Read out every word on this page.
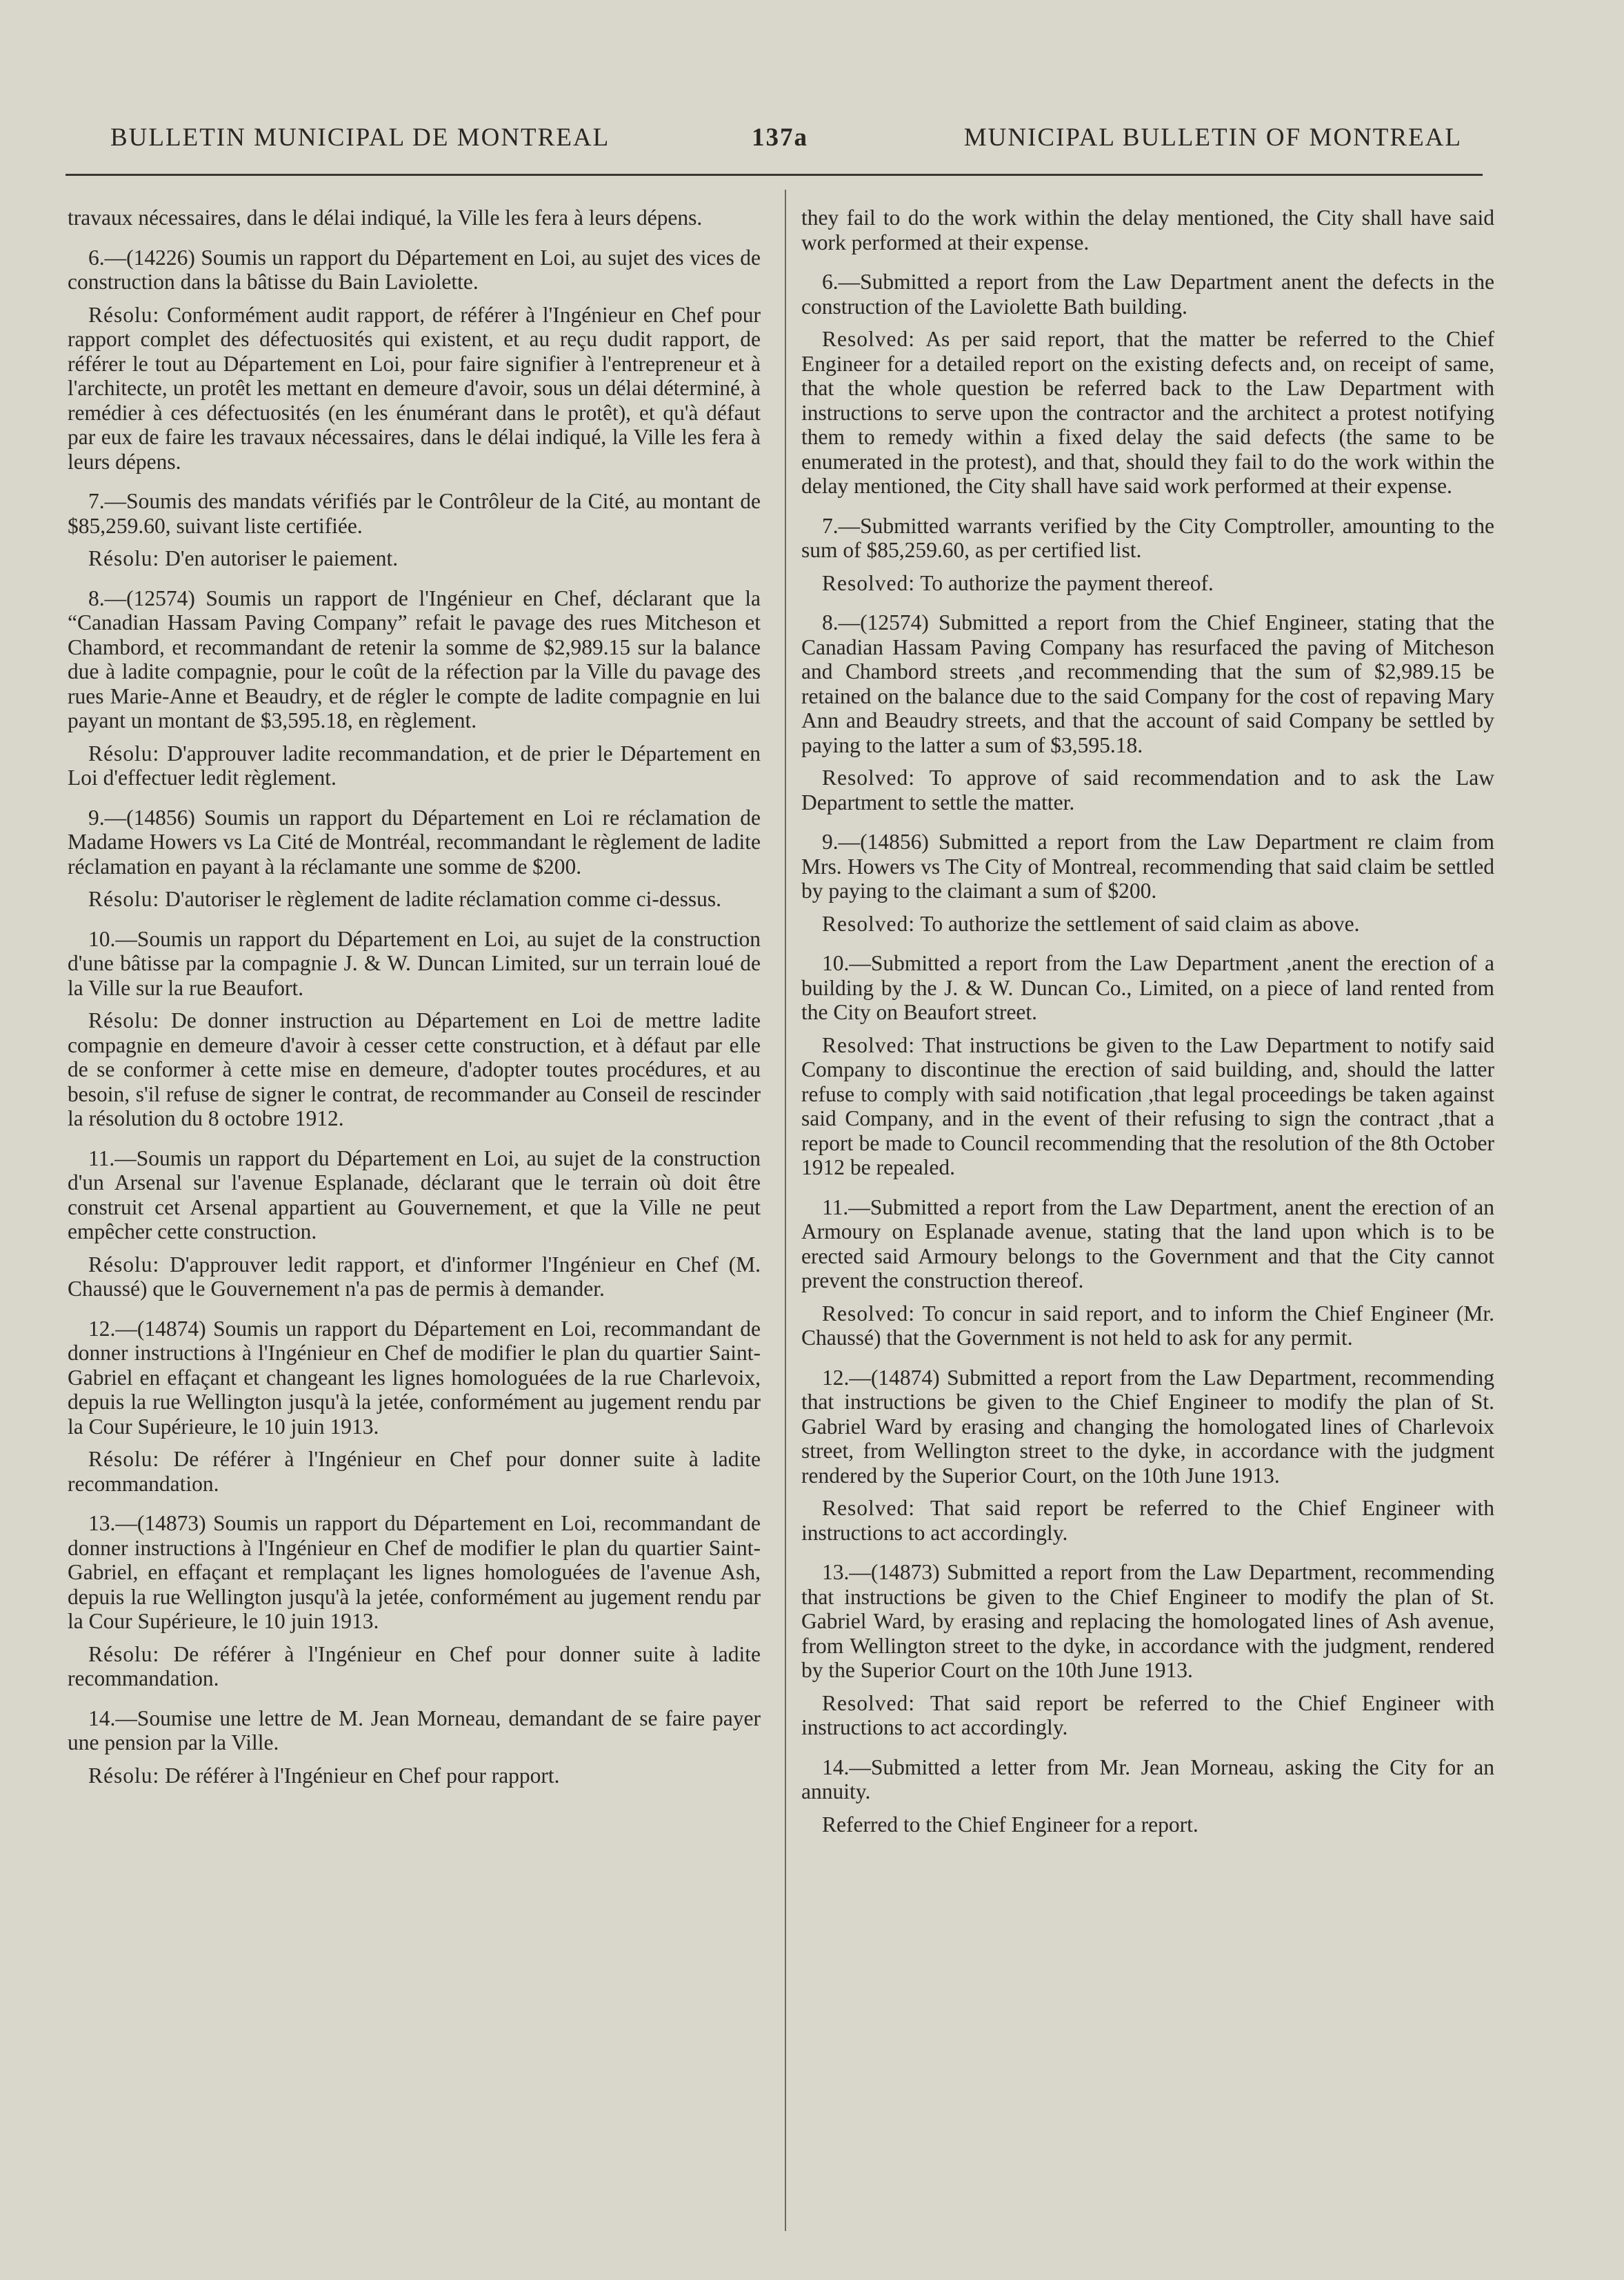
BULLETIN MUNICIPAL DE MONTREAL	137a	MUNICIPAL BULLETIN OF MONTREAL

travaux nécessaires, dans le délai indiqué, la Ville les fera à leurs dépens.

6.—(14226) Soumis un rapport du Département en Loi, au sujet des vices de construction dans la bâtisse du Bain Laviolette.

Résolu: Conformément audit rapport, de référer à l'Ingénieur en Chef pour rapport complet des défectuosités qui existent, et au reçu dudit rapport, de référer le tout au Département en Loi, pour faire signifier à l'entrepreneur et à l'architecte, un protêt les mettant en demeure d'avoir, sous un délai déterminé, à remédier à ces défectuosités (en les énumérant dans le protêt), et qu'à défaut par eux de faire les travaux nécessaires, dans le délai indiqué, la Ville les fera à leurs dépens.

7.—Soumis des mandats vérifiés par le Contrôleur de la Cité, au montant de $85,259.60, suivant liste certifiée.

Résolu: D'en autoriser le paiement.

8.—(12574) Soumis un rapport de l'Ingénieur en Chef, déclarant que la “Canadian Hassam Paving Company” refait le pavage des rues Mitcheson et Chambord, et recommandant de retenir la somme de $2,989.15 sur la balance due à ladite compagnie, pour le coût de la réfection par la Ville du pavage des rues Marie-Anne et Beaudry, et de régler le compte de ladite compagnie en lui payant un montant de $3,595.18, en règlement.

Résolu: D'approuver ladite recommandation, et de prier le Département en Loi d'effectuer ledit règlement.

9.—(14856) Soumis un rapport du Département en Loi re réclamation de Madame Howers vs La Cité de Montréal, recommandant le règlement de ladite réclamation en payant à la réclamante une somme de $200.

Résolu: D'autoriser le règlement de ladite réclamation comme ci-dessus.

10.—Soumis un rapport du Département en Loi, au sujet de la construction d'une bâtisse par la compagnie J. & W. Duncan Limited, sur un terrain loué de la Ville sur la rue Beaufort.

Résolu: De donner instruction au Département en Loi de mettre ladite compagnie en demeure d'avoir à cesser cette construction, et à défaut par elle de se conformer à cette mise en demeure, d'adopter toutes procédures, et au besoin, s'il refuse de signer le contrat, de recommander au Conseil de rescinder la résolution du 8 octobre 1912.

11.—Soumis un rapport du Département en Loi, au sujet de la construction d'un Arsenal sur l'avenue Esplanade, déclarant que le terrain où doit être construit cet Arsenal appartient au Gouvernement, et que la Ville ne peut empêcher cette construction.

Résolu: D'approuver ledit rapport, et d'informer l'Ingénieur en Chef (M. Chaussé) que le Gouvernement n'a pas de permis à demander.

12.—(14874) Soumis un rapport du Département en Loi, recommandant de donner instructions à l'Ingénieur en Chef de modifier le plan du quartier Saint-Gabriel en effaçant et changeant les lignes homologuées de la rue Charlevoix, depuis la rue Wellington jusqu'à la jetée, conformément au jugement rendu par la Cour Supérieure, le 10 juin 1913.

Résolu: De référer à l'Ingénieur en Chef pour donner suite à ladite recommandation.

13.—(14873) Soumis un rapport du Département en Loi, recommandant de donner instructions à l'Ingénieur en Chef de modifier le plan du quartier Saint-Gabriel, en effaçant et remplaçant les lignes homologuées de l'avenue Ash, depuis la rue Wellington jusqu'à la jetée, conformément au jugement rendu par la Cour Supérieure, le 10 juin 1913.

Résolu: De référer à l'Ingénieur en Chef pour donner suite à ladite recommandation.

14.—Soumise une lettre de M. Jean Morneau, demandant de se faire payer une pension par la Ville.

Résolu: De référer à l'Ingénieur en Chef pour rapport.

they fail to do the work within the delay mentioned, the City shall have said work performed at their expense.

6.—Submitted a report from the Law Department anent the defects in the construction of the Laviolette Bath building.

Resolved: As per said report, that the matter be referred to the Chief Engineer for a detailed report on the existing defects and, on receipt of same, that the whole question be referred back to the Law Department with instructions to serve upon the contractor and the architect a protest notifying them to remedy within a fixed delay the said defects (the same to be enumerated in the protest), and that, should they fail to do the work within the delay mentioned, the City shall have said work performed at their expense.

7.—Submitted warrants verified by the City Comptroller, amounting to the sum of $85,259.60, as per certified list.

Resolved: To authorize the payment thereof.

8.—(12574) Submitted a report from the Chief Engineer, stating that the Canadian Hassam Paving Company has resurfaced the paving of Mitcheson and Chambord streets ,and recommending that the sum of $2,989.15 be retained on the balance due to the said Company for the cost of repaving Mary Ann and Beaudry streets, and that the account of said Company be settled by paying to the latter a sum of $3,595.18.

Resolved: To approve of said recommendation and to ask the Law Department to settle the matter.

9.—(14856) Submitted a report from the Law Department re claim from Mrs. Howers vs The City of Montreal, recommending that said claim be settled by paying to the claimant a sum of $200.

Resolved: To authorize the settlement of said claim as above.

10.—Submitted a report from the Law Department ,anent the erection of a building by the J. & W. Duncan Co., Limited, on a piece of land rented from the City on Beaufort street.

Resolved: That instructions be given to the Law Department to notify said Company to discontinue the erection of said building, and, should the latter refuse to comply with said notification ,that legal proceedings be taken against said Company, and in the event of their refusing to sign the contract ,that a report be made to Council recommending that the resolution of the 8th October 1912 be repealed.

11.—Submitted a report from the Law Department, anent the erection of an Armoury on Esplanade avenue, stating that the land upon which is to be erected said Armoury belongs to the Government and that the City cannot prevent the construction thereof.

Resolved: To concur in said report, and to inform the Chief Engineer (Mr. Chaussé) that the Government is not held to ask for any permit.

12.—(14874) Submitted a report from the Law Department, recommending that instructions be given to the Chief Engineer to modify the plan of St. Gabriel Ward by erasing and changing the homologated lines of Charlevoix street, from Wellington street to the dyke, in accordance with the judgment rendered by the Superior Court, on the 10th June 1913.

Resolved: That said report be referred to the Chief Engineer with instructions to act accordingly.

13.—(14873) Submitted a report from the Law Department, recommending that instructions be given to the Chief Engineer to modify the plan of St. Gabriel Ward, by erasing and replacing the homologated lines of Ash avenue, from Wellington street to the dyke, in accordance with the judgment, rendered by the Superior Court on the 10th June 1913.

Resolved: That said report be referred to the Chief Engineer with instructions to act accordingly.

14.—Submitted a letter from Mr. Jean Morneau, asking the City for an annuity.

Referred to the Chief Engineer for a report.
